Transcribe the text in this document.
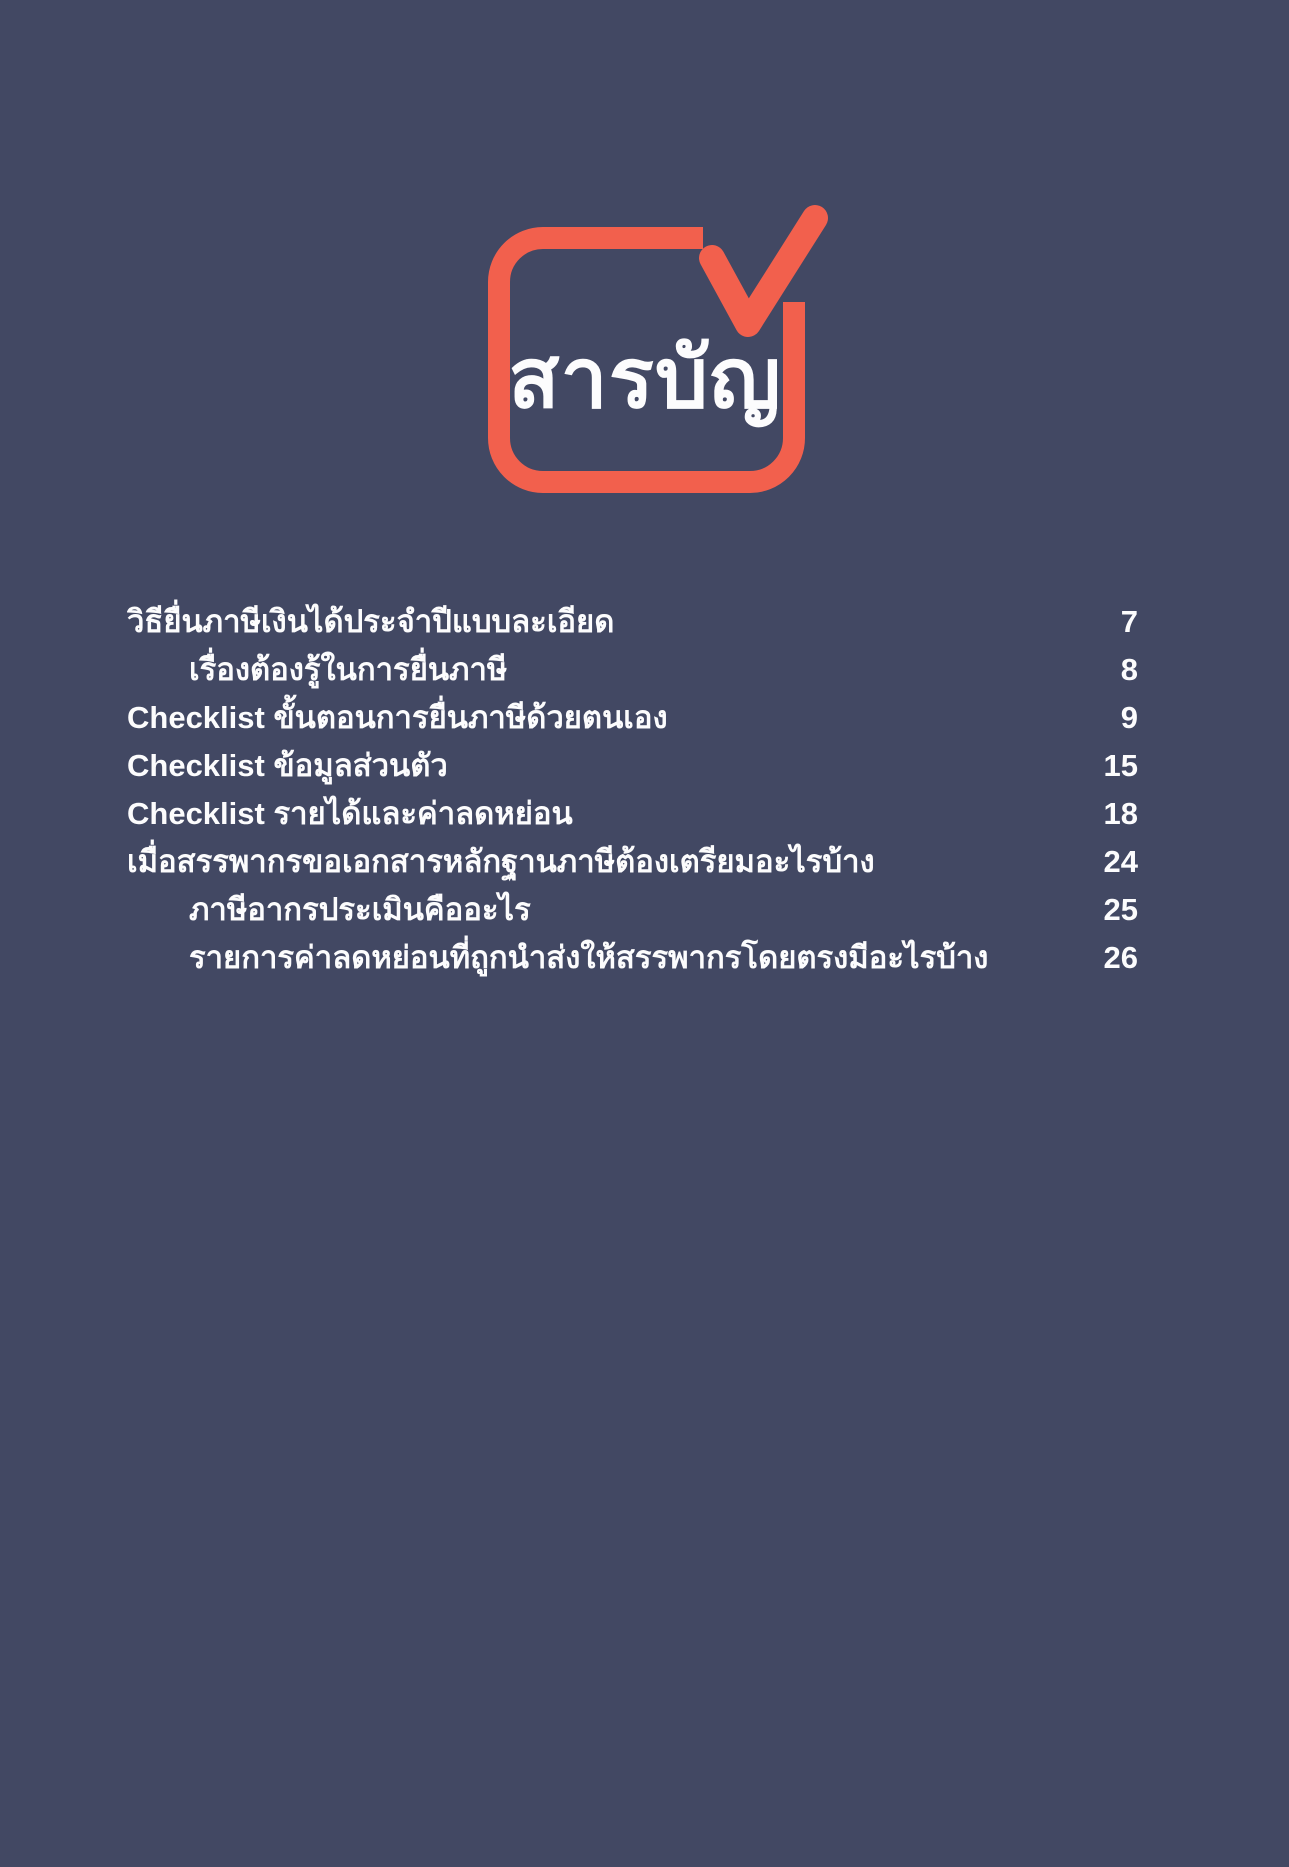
สารบัญ
วิธียื่นภาษีเงินได้ประจำปีแบบละเอียด	7
เรื่องต้องรู้ในการยื่นภาษี	8
Checklist ขั้นตอนการยื่นภาษีด้วยตนเอง	9
Checklist ข้อมูลส่วนตัว	15
Checklist รายได้และค่าลดหย่อน	18
เมื่อสรรพากรขอเอกสารหลักฐานภาษีต้องเตรียมอะไรบ้าง	24
ภาษีอากรประเมินคืออะไร	25
รายการค่าลดหย่อนที่ถูกนำส่งให้สรรพากรโดยตรงมีอะไรบ้าง	26
